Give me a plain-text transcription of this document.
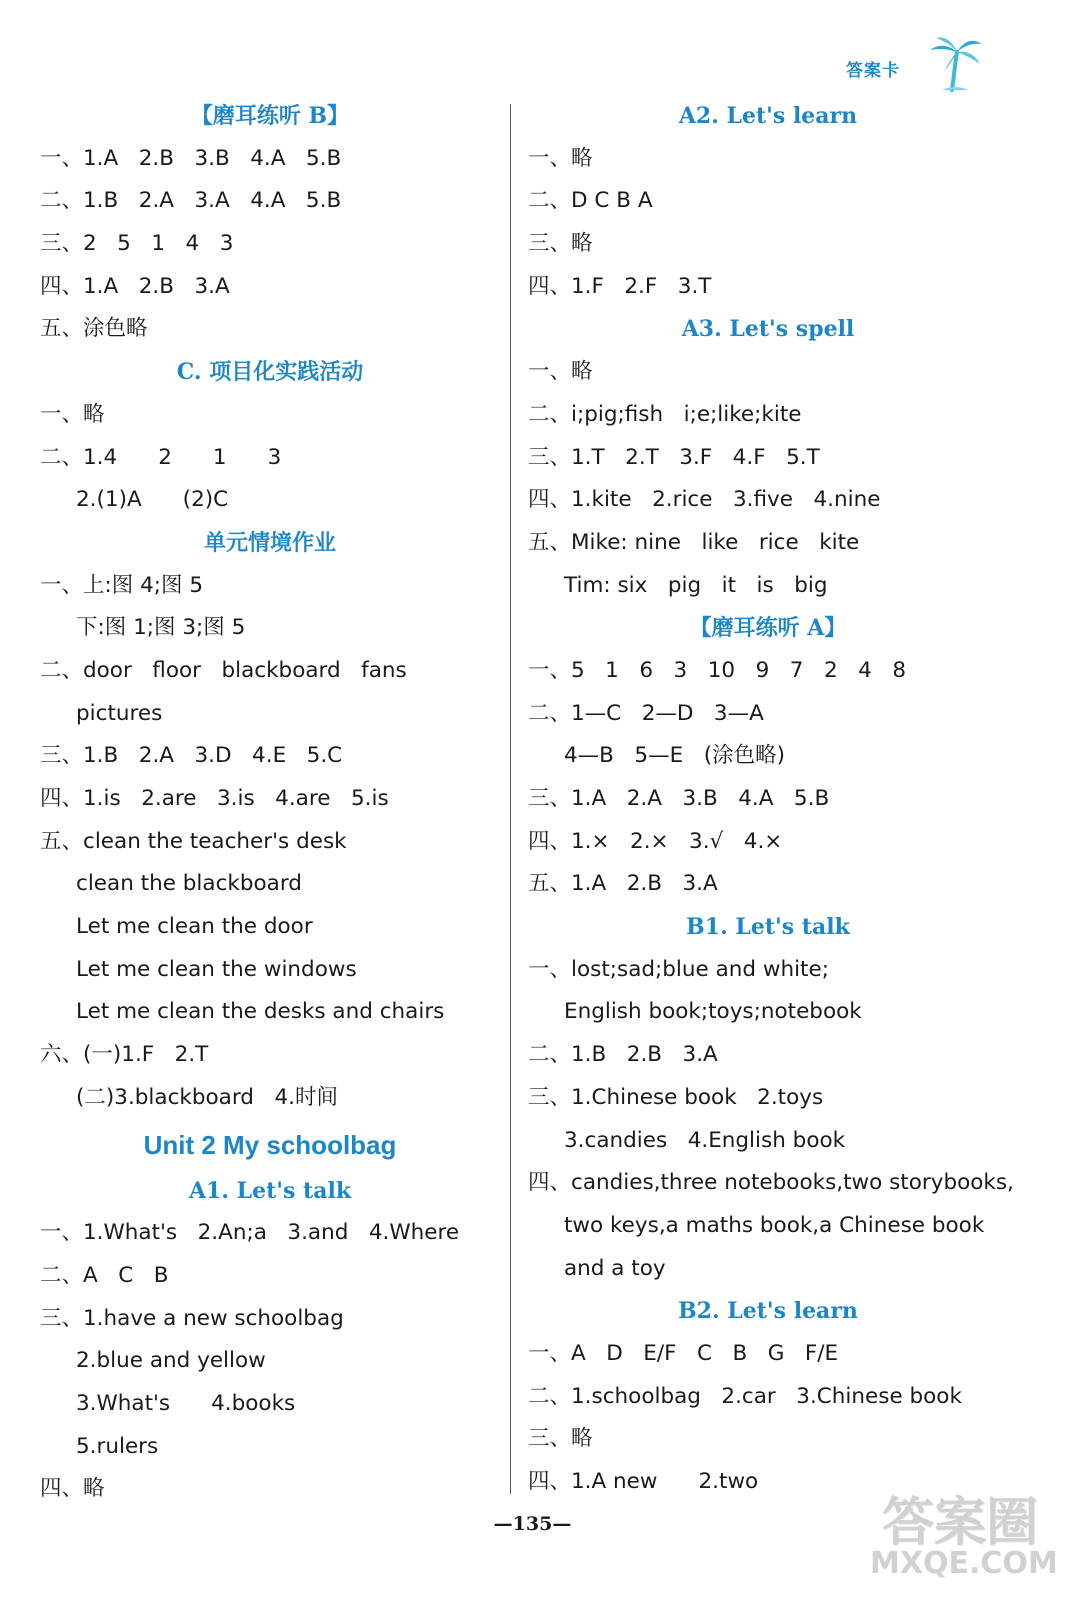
答案卡
【磨耳练听 B】
一、1.A   2.B   3.B   4.A   5.B
二、1.B   2.A   3.A   4.A   5.B
三、2   5   1   4   3
四、1.A   2.B   3.A
五、涂色略
C. 项目化实践活动
一、略
二、1.4      2      1      3
2.(1)A      (2)C
单元情境作业
一、上:图 4;图 5
下:图 1;图 3;图 5
二、door   floor   blackboard   fans
pictures
三、1.B   2.A   3.D   4.E   5.C
四、1.is   2.are   3.is   4.are   5.is
五、clean the teacher's desk
clean the blackboard
Let me clean the door
Let me clean the windows
Let me clean the desks and chairs
六、(一)1.F   2.T
(二)3.blackboard   4.时间
Unit 2 My schoolbag
A1. Let's talk
一、1.What's   2.An;a   3.and   4.Where
二、A   C   B
三、1.have a new schoolbag
2.blue and yellow
3.What's      4.books
5.rulers
四、略
A2. Let's learn
一、略
二、D C B A
三、略
四、1.F   2.F   3.T
A3. Let's spell
一、略
二、i;pig;fish   i;e;like;kite
三、1.T   2.T   3.F   4.F   5.T
四、1.kite   2.rice   3.five   4.nine
五、Mike: nine   like   rice   kite
Tim: six   pig   it   is   big
【磨耳练听 A】
一、5   1   6   3   10   9   7   2   4   8
二、1—C   2—D   3—A
4—B   5—E   (涂色略)
三、1.A   2.A   3.B   4.A   5.B
四、1.×   2.×   3.√   4.×
五、1.A   2.B   3.A
B1. Let's talk
一、lost;sad;blue and white;
English book;toys;notebook
二、1.B   2.B   3.A
三、1.Chinese book   2.toys
3.candies   4.English book
四、candies,three notebooks,two storybooks,
two keys,a maths book,a Chinese book
and a toy
B2. Let's learn
一、A   D   E/F   C   B   G   F/E
二、1.schoolbag   2.car   3.Chinese book
三、略
四、1.A new      2.two
—135—	答案圈
MXQE.COM
